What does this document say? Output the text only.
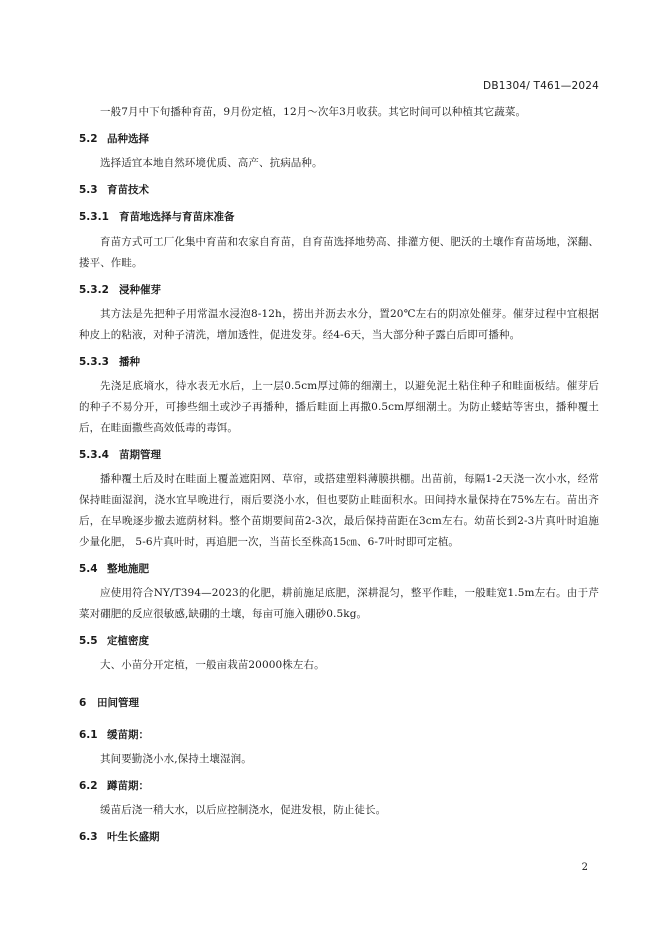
DB1304/ T461—2024

一般7月中下旬播种育苗，9月份定植，12月～次年3月收获。其它时间可以种植其它蔬菜。

5.2 品种选择

选择适宜本地自然环境优质、高产、抗病品种。

5.3 育苗技术
5.3.1 育苗地选择与育苗床准备

育苗方式可工厂化集中育苗和农家自育苗，自育苗选择地势高、排灌方便、肥沃的土壤作育苗场地，深翻、搂平、作畦。

5.3.2 浸种催芽

其方法是先把种子用常温水浸泡8-12h，捞出并沥去水分，置20℃左右的阴凉处催芽。催芽过程中宜根据种皮上的粘液，对种子清洗，增加透性，促进发芽。经4-6天，当大部分种子露白后即可播种。

5.3.3 播种

先浇足底墒水，待水表无水后，上一层0.5cm厚过筛的细潮土，以避免泥土粘住种子和畦面板结。催芽后的种子不易分开，可掺些细土或沙子再播种，播后畦面上再撒0.5cm厚细潮土。为防止蝼蛄等害虫，播种覆土后，在畦面撒些高效低毒的毒饵。

5.3.4 苗期管理

播种覆土后及时在畦面上覆盖遮阳网、草帘，或搭建塑料薄膜拱棚。出苗前，每隔1-2天浇一次小水，经常保持畦面湿润，浇水宜早晚进行，雨后要浇小水，但也要防止畦面积水。田间持水量保持在75%左右。苗出齐后，在早晚逐步撤去遮荫材料。整个苗期要间苗2-3次，最后保持苗距在3cm左右。幼苗长到2-3片真叶时追施少量化肥， 5-6片真叶时，再追肥一次，当苗长至株高15㎝、6-7叶时即可定植。

5.4 整地施肥

应使用符合NY/T394—2023的化肥，耕前施足底肥，深耕混匀，整平作畦，一般畦宽1.5m左右。由于芹菜对硼肥的反应很敏感,缺硼的土壤，每亩可施入硼砂0.5kg。

5.5 定植密度

大、小苗分开定植，一般亩栽苗20000株左右。

6 田间管理
6.1 缓苗期：

其间要勤浇小水,保持土壤湿润。

6.2 蹲苗期：

缓苗后浇一稍大水，以后应控制浇水，促进发根，防止徒长。

6.3 叶生长盛期
2
